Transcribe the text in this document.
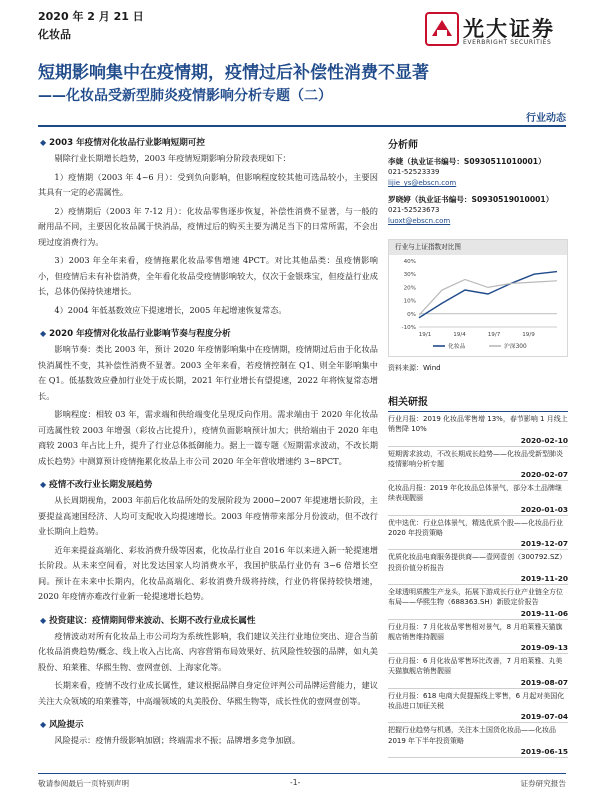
2020 年 2 月 21 日
化妆品	光大证券
EVERBRIGHT SECURITIES
短期影响集中在疫情期，疫情过后补偿性消费不显著
——化妆品受新型肺炎疫情影响分析专题（二）
行业动态
◆ 2003 年疫情对化妆品行业影响短期可控

剔除行业长期增长趋势，2003 年疫情短期影响分阶段表现如下：

1）疫情期（2003 年 4~6 月）：受到负向影响，但影响程度较其他可选品较小，主要因其具有一定的必需属性。

2）疫情期后（2003 年 7-12 月）：化妆品零售逐步恢复，补偿性消费不显著，与一般的耐用品不同，主要因化妆品属于快消品，疫情过后的购买主要为满足当下的日常所需，不会出现过度消费行为。

3）2003 年全年来看，疫情拖累化妆品零售增速 4PCT。对比其他品类：虽疫情影响小，但疫情后未有补偿消费，全年看化妆品受疫情影响较大，仅次于金银珠宝，但疫益行业成长，总体仍保持快速增长。

4）2004 年低基数效应下提速增长，2005 年起增速恢复常态。

◆ 2020 年疫情对化妆品行业影响节奏与程度分析

影响节奏：类比 2003 年，预计 2020 年疫情影响集中在疫情期，疫情期过后由于化妆品快消属性不变，其补偿性消费不显著。2003 全年来看，若疫情控制在 Q1、则全年影响集中在 Q1。低基数效应叠加行业处于成长期，2021 年行业增长有望提速，2022 年将恢复常态增长。

影响程度：相较 03 年，需求端和供给端变化呈现反向作用。需求端由于 2020 年化妆品可选属性较 2003 年增强（彩妆占比提升），疫情负面影响预计加大；供给端由于 2020 年电商较 2003 年占比上升，提升了行业总体抵御能力。据上一篇专题《短期需求波动，不改长期成长趋势》中测算预计疫情拖累化妆品上市公司 2020 年全年营收增速约 3~8PCT。

◆ 疫情不改行业长期发展趋势

从长周期视角，2003 年前后化妆品所处的发展阶段为 2000~2007 年提速增长阶段，主要提益高速国经济、人均可支配收入均提速增长。2003 年疫情带来部分月份波动，但不改行业长期向上趋势。

近年来提益高端化、彩妆消费升级等因素，化妆品行业自 2016 年以来进入新一轮提速增长阶段。从未来空间看，对比发达国家人均消费水平，我国护肤品行业仍有 3~6 倍增长空间。预计在未来中长期内，化妆品高端化、彩妆消费升级将持续，行业仍将保持较快增速，2020 年疫情亦难改行业新一轮提速增长趋势。

◆ 投资建议：疫情期间带来波动、长期不改行业成长属性

疫情波动对所有化妆品上市公司均为系统性影响，我们建议关注行业地位突出、迎合当前化妆品消费趋势/概念、线上收入占比高、内容营销布局效果好、抗风险性较强的品牌，如丸美股份、珀莱雅、华熙生物、壹网壹创、上海家化等。

长期来看，疫情不改行业成长属性，建议根据品牌自身定位评判公司品牌运营能力，建议关注大众领域的珀莱雅等，中高端领域的丸美股份、华熙生物等，成长性优的壹网壹创等。

◆ 风险提示

风险提示：疫情升级影响加剧；终端需求不振；品牌增多竞争加剧。

分析师
李婕（执业证书编号：S0930511010001）
021-52523339
lijie_ys@ebscn.com
罗晓婷（执业证书编号：S0930519010001）
021-52523673
luoxt@ebscn.com
行业与上证指数对比图
-10%
0%
10%
20%
30%
40%
19/1	19/4	19/7	19/9
化妆品	沪深300
资料来源：Wind
相关研报
行业月报：2019 化妆品零售增 13%，春节影响 1 月线上销售降 10%
2020-02-10
短期需求波动，不改长期成长趋势——化妆品受新型肺炎疫情影响分析专题
2020-02-07
化妆品月报：2019 年化妆品总体景气，部分本土品牌继续表现靓丽
2020-01-03
优中选优：行业总体景气，精选优质个股——化妆品行业 2020 年投资策略
2019-12-07
优质化妆品电商服务提供商——壹网壹创（300792.SZ）投资价值分析报告
2019-11-20
全球透明质酸生产龙头，拓展下游成长行业产业链全方位布局——华熙生物（688363.SH）新股定价报告
2019-11-06
行业月报：7 月化妆品零售相对景气，8 月珀莱雅天猫旗舰店销售维持靓丽
2019-09-13
行业月报：6 月化妆品零售环比改善，7 月珀莱雅、丸美天猫旗舰店销售靓丽
2019-08-07
行业月报：618 电商大促提振线上零售，6 月起对美国化妆品进口加征关税
2019-07-04
把握行业趋势与机遇，关注本土国货化妆品——化妆品 2019 年下半年投资策略
2019-06-15
敬请参阅最后一页特别声明	-1-	证券研究报告
